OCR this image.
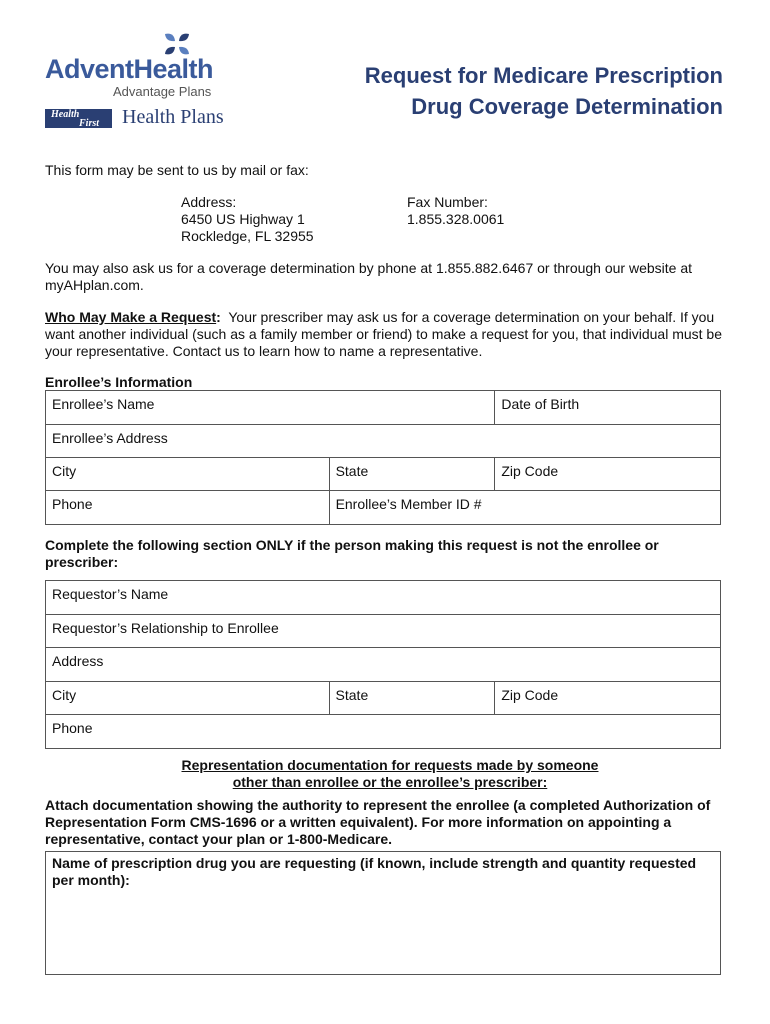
AdventHealth
Advantage Plans
Health
First Health Plans
Request for Medicare Prescription
Drug Coverage Determination
This form may be sent to us by mail or fax:
Address:
6450 US Highway 1
Rockledge, FL 32955
Fax Number:
1.855.328.0061
You may also ask us for a coverage determination by phone at 1.855.882.6467 or through our website at myAHplan.com.
Who May Make a Request: Your prescriber may ask us for a coverage determination on your behalf. If you want another individual (such as a family member or friend) to make a request for you, that individual must be your representative. Contact us to learn how to name a representative.
Enrollee’s Information
Enrollee’s Name		Date of Birth
Enrollee’s Address		
City	State	Zip Code
Phone	Enrollee’s Member ID #	
Complete the following section ONLY if the person making this request is not the enrollee or prescriber:
Requestor’s Name
Requestor’s Relationship to Enrollee
Address
City	State	Zip Code
Phone
Representation documentation for requests made by someone
other than enrollee or the enrollee’s prescriber:
Attach documentation showing the authority to represent the enrollee (a completed Authorization of Representation Form CMS-1696 or a written equivalent). For more information on appointing a representative, contact your plan or 1-800-Medicare.
Name of prescription drug you are requesting (if known, include strength and quantity requested per month):
